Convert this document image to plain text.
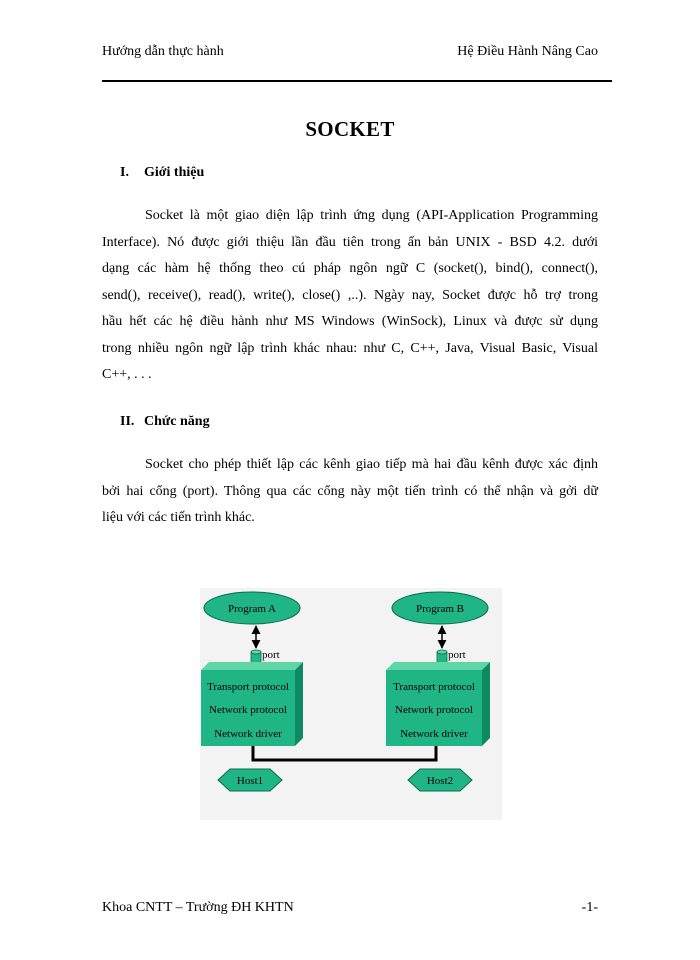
Hướng dẫn thực hành	Hệ Điều Hành Nâng Cao
SOCKET
I. Giới thiệu
Socket là một giao diện lập trình ứng dụng (API-Application Programming
Interface). Nó được giới thiệu lần đầu tiên trong ấn bản UNIX - BSD 4.2. dưới
dạng các hàm hệ thống theo cú pháp ngôn ngữ C (socket(), bind(), connect(),
send(), receive(), read(), write(), close() ,..). Ngày nay, Socket được hỗ trợ trong
hầu hết các hệ điều hành như MS Windows (WinSock), Linux và được sử dụng
trong nhiều ngôn ngữ lập trình khác nhau: như C, C++, Java, Visual Basic, Visual
C++, . . .
II. Chức năng
Socket cho phép thiết lập các kênh giao tiếp mà hai đầu kênh được xác định
bởi hai cổng (port). Thông qua các cổng này một tiến trình có thể nhận và gởi dữ
liệu với các tiến trình khác.
Program A	Program B
port	port
Transport protocol
Network protocol
Network driver
Transport protocol
Network protocol
Network driver
Host1	Host2
Khoa CNTT – Trường ĐH KHTN	-1-
